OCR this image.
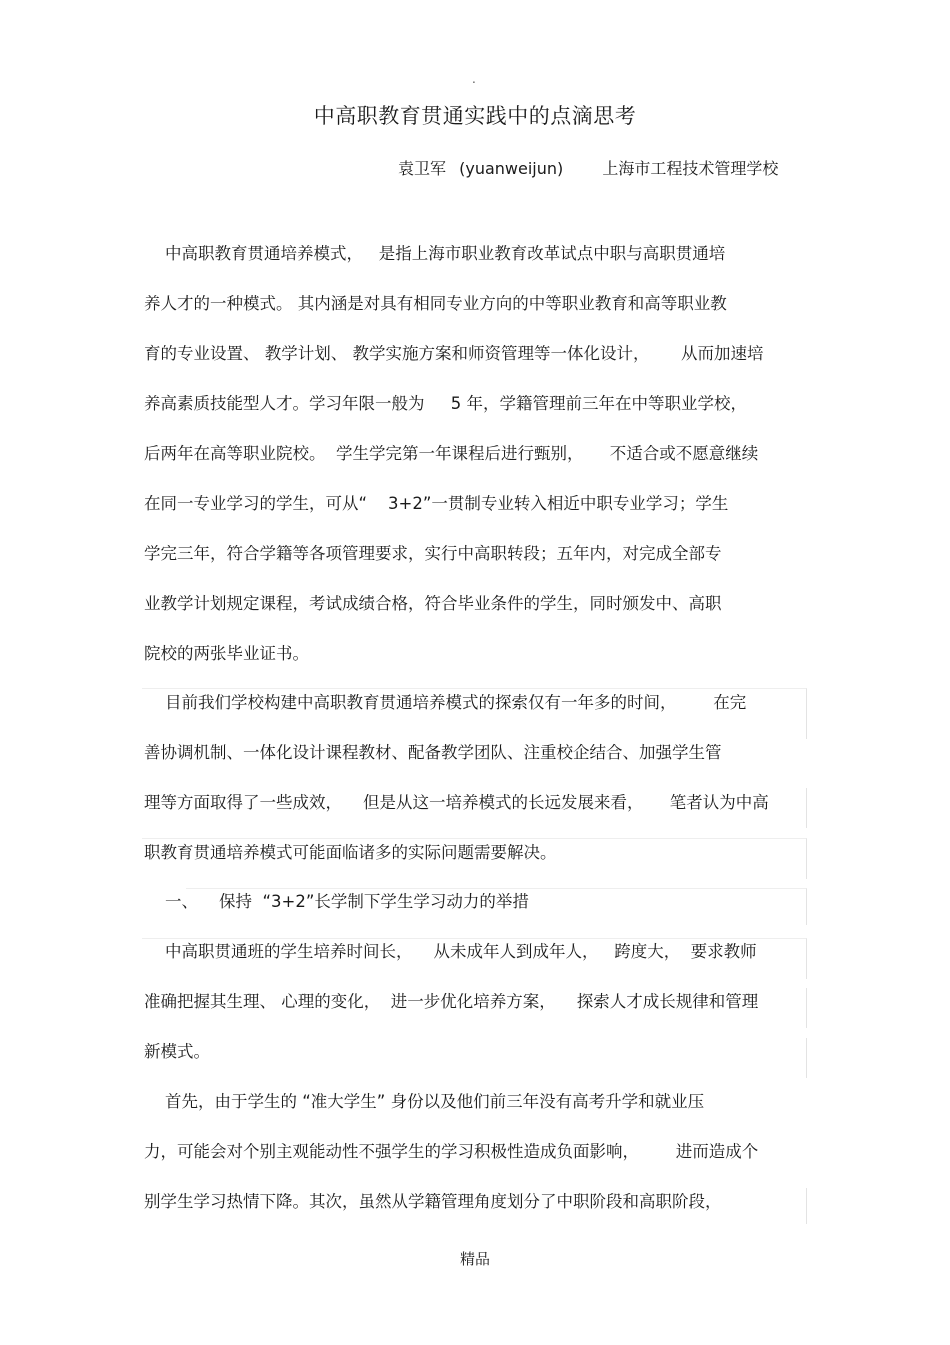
.
中高职教育贯通实践中的点滴思考
袁卫军 (yuanweijun) 上海市工程技术管理学校
中高职教育贯通培养模式，   是指上海市职业教育改革试点中职与高职贯通培
养人才的一种模式。 其内涵是对具有相同专业方向的中等职业教育和高等职业教
育的专业设置、 教学计划、 教学实施方案和师资管理等一体化设计，      从而加速培
养高素质技能型人才。学习年限一般为     5 年，学籍管理前三年在中等职业学校，
后两年在高等职业院校。  学生学完第一年课程后进行甄别，     不适合或不愿意继续
在同一专业学习的学生，可从“    3+2”一贯制专业转入相近中职专业学习；学生
学完三年，符合学籍等各项管理要求，实行中高职转段；五年内，对完成全部专
业教学计划规定课程，考试成绩合格，符合毕业条件的学生，同时颁发中、高职
院校的两张毕业证书。
目前我们学校构建中高职教育贯通培养模式的探索仅有一年多的时间，       在完
善协调机制、一体化设计课程教材、配备教学团队、注重校企结合、加强学生管
理等方面取得了一些成效，    但是从这一培养模式的长远发展来看，     笔者认为中高
职教育贯通培养模式可能面临诸多的实际问题需要解决。
一、    保持  “3+2”长学制下学生学习动力的举措
中高职贯通班的学生培养时间长，    从未成年人到成年人，   跨度大，  要求教师
准确把握其生理、 心理的变化，  进一步优化培养方案，    探索人才成长规律和管理
新模式。
首先，由于学生的 “准大学生” 身份以及他们前三年没有高考升学和就业压
力，可能会对个别主观能动性不强学生的学习积极性造成负面影响，       进而造成个
别学生学习热情下降。其次，虽然从学籍管理角度划分了中职阶段和高职阶段，
精品
